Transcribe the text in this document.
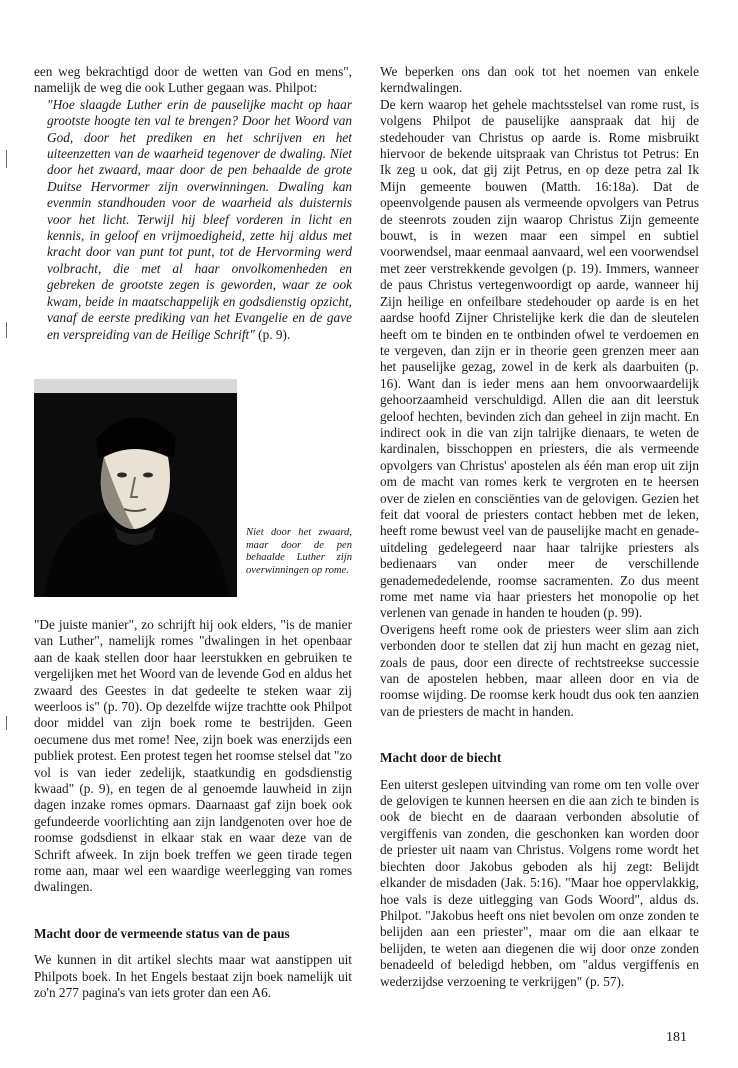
een weg bekrachtigd door de wetten van God en mens", namelijk de weg die ook Luther gegaan was. Philpot:

"Hoe slaagde Luther erin de pauselijke macht op haar grootste hoogte ten val te brengen? Door het Woord van God, door het prediken en het schrijven en het uiteenzetten van de waarheid tegenover de dwaling. Niet door het zwaard, maar door de pen behaalde de grote Duitse Hervormer zijn overwinningen. Dwaling kan evenmin standhouden voor de waarheid als duisternis voor het licht. Terwijl hij bleef vorderen in licht en kennis, in geloof en vrijmoedigheid, zette hij aldus met kracht door van punt tot punt, tot de Hervorming werd volbracht, die met al haar onvolkomenheden en gebreken de grootste zegen is geworden, waar ze ook kwam, beide in maatschappelijk en godsdienstig opzicht, vanaf de eerste prediking van het Evangelie en de gave en verspreiding van de Heilige Schrift" (p. 9).

Niet door het zwaard, maar door de pen behaalde Luther zijn overwinningen op rome.

"De juiste manier", zo schrijft hij ook elders, "is de manier van Luther", namelijk romes "dwalingen in het openbaar aan de kaak stellen door haar leerstukken en gebruiken te vergelijken met het Woord van de levende God en aldus het zwaard des Geestes in dat gedeelte te steken waar zij weerloos is" (p. 70). Op dezelfde wijze trachtte ook Philpot door middel van zijn boek rome te bestrijden. Geen oecumene dus met rome! Nee, zijn boek was enerzijds een publiek protest. Een protest tegen het roomse stelsel dat "zo vol is van ieder zedelijk, staatkundig en godsdienstig kwaad" (p. 9), en tegen de al genoemde lauwheid in zijn dagen inzake romes opmars. Daarnaast gaf zijn boek ook gefundeerde voorlichting aan zijn landgenoten over hoe de roomse godsdienst in elkaar stak en waar deze van de Schrift afweek. In zijn boek treffen we geen tirade tegen rome aan, maar wel een waardige weerlegging van romes dwalingen.

Macht door de vermeende status van de paus

We kunnen in dit artikel slechts maar wat aanstippen uit Philpots boek. In het Engels bestaat zijn boek namelijk uit zo'n 277 pagina's van iets groter dan een A6.

We beperken ons dan ook tot het noemen van enkele kerndwalingen.

De kern waarop het gehele machtsstelsel van rome rust, is volgens Philpot de pauselijke aanspraak dat hij de stedehouder van Christus op aarde is. Rome misbruikt hiervoor de bekende uitspraak van Christus tot Petrus: En Ik zeg u ook, dat gij zijt Petrus, en op deze petra zal Ik Mijn gemeente bouwen (Matth. 16:18a). Dat de opeenvolgende pausen als vermeende opvolgers van Petrus de steenrots zouden zijn waarop Christus Zijn gemeente bouwt, is in wezen maar een simpel en subtiel voorwendsel, maar eenmaal aanvaard, wel een voorwendsel met zeer verstrekkende gevolgen (p. 19). Immers, wanneer de paus Christus vertegenwoordigt op aarde, wanneer hij Zijn heilige en onfeilbare stedehouder op aarde is en het aardse hoofd Zijner Christelijke kerk die dan de sleutelen heeft om te binden en te ontbinden ofwel te verdoemen en te vergeven, dan zijn er in theorie geen grenzen meer aan het pauselijke gezag, zowel in de kerk als daarbuiten (p. 16). Want dan is ieder mens aan hem onvoorwaardelijk gehoorzaamheid verschuldigd. Allen die aan dit leerstuk geloof hechten, bevinden zich dan geheel in zijn macht. En indirect ook in die van zijn talrijke dienaars, te weten de kardinalen, bisschoppen en priesters, die als vermeende opvolgers van Christus' apostelen als één man erop uit zijn om de macht van romes kerk te vergroten en te heersen over de zielen en consciënties van de gelovigen. Gezien het feit dat vooral de priesters contact hebben met de leken, heeft rome bewust veel van de pauselijke macht en genade-uitdeling gedelegeerd naar haar talrijke priesters als bedienaars van onder meer de verschillende genademededelende, roomse sacramenten. Zo dus meent rome met name via haar priesters het monopolie op het verlenen van genade in handen te houden (p. 99).

Overigens heeft rome ook de priesters weer slim aan zich verbonden door te stellen dat zij hun macht en gezag niet, zoals de paus, door een directe of rechtstreekse successie van de apostelen hebben, maar alleen door en via de roomse wijding. De roomse kerk houdt dus ook ten aanzien van de priesters de macht in handen.

Macht door de biecht

Een uiterst geslepen uitvinding van rome om ten volle over de gelovigen te kunnen heersen en die aan zich te binden is ook de biecht en de daaraan verbonden absolutie of vergiffenis van zonden, die geschonken kan worden door de priester uit naam van Christus. Volgens rome wordt het biechten door Jakobus geboden als hij zegt: Belijdt elkander de misdaden (Jak. 5:16). "Maar hoe oppervlakkig, hoe vals is deze uitlegging van Gods Woord", aldus ds. Philpot. "Jakobus heeft ons niet bevolen om onze zonden te belijden aan een priester", maar om die aan elkaar te belijden, te weten aan diegenen die wij door onze zonden benadeeld of beledigd hebben, om "aldus vergiffenis en wederzijdse verzoening te verkrijgen" (p. 57).

181
